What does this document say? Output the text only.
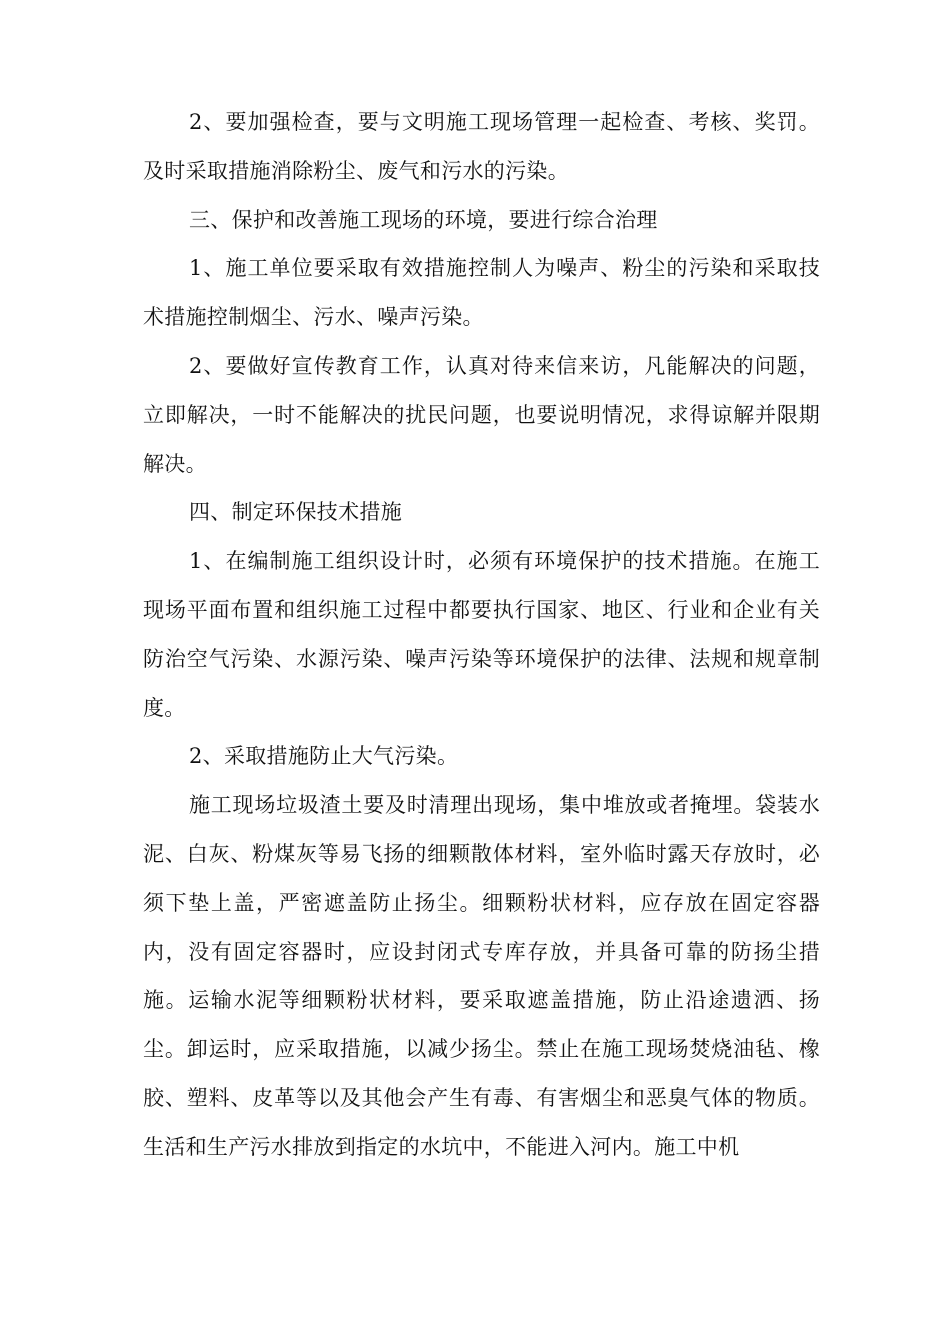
2、要加强检查，要与文明施工现场管理一起检查、考核、奖罚。及时采取措施消除粉尘、废气和污水的污染。

三、保护和改善施工现场的环境，要进行综合治理

1、施工单位要采取有效措施控制人为噪声、粉尘的污染和采取技术措施控制烟尘、污水、噪声污染。

2、要做好宣传教育工作，认真对待来信来访，凡能解决的问题，立即解决，一时不能解决的扰民问题，也要说明情况，求得谅解并限期解决。

四、制定环保技术措施

1、在编制施工组织设计时，必须有环境保护的技术措施。在施工现场平面布置和组织施工过程中都要执行国家、地区、行业和企业有关防治空气污染、水源污染、噪声污染等环境保护的法律、法规和规章制度。

2、采取措施防止大气污染。

施工现场垃圾渣土要及时清理出现场，集中堆放或者掩埋。袋装水泥、白灰、粉煤灰等易飞扬的细颗散体材料，室外临时露天存放时，必须下垫上盖，严密遮盖防止扬尘。细颗粉状材料，应存放在固定容器内，没有固定容器时，应设封闭式专库存放，并具备可靠的防扬尘措施。运输水泥等细颗粉状材料，要采取遮盖措施，防止沿途遗洒、扬尘。卸运时，应采取措施，以减少扬尘。禁止在施工现场焚烧油毡、橡胶、塑料、皮革等以及其他会产生有毒、有害烟尘和恶臭气体的物质。生活和生产污水排放到指定的水坑中，不能进入河内。施工中机
